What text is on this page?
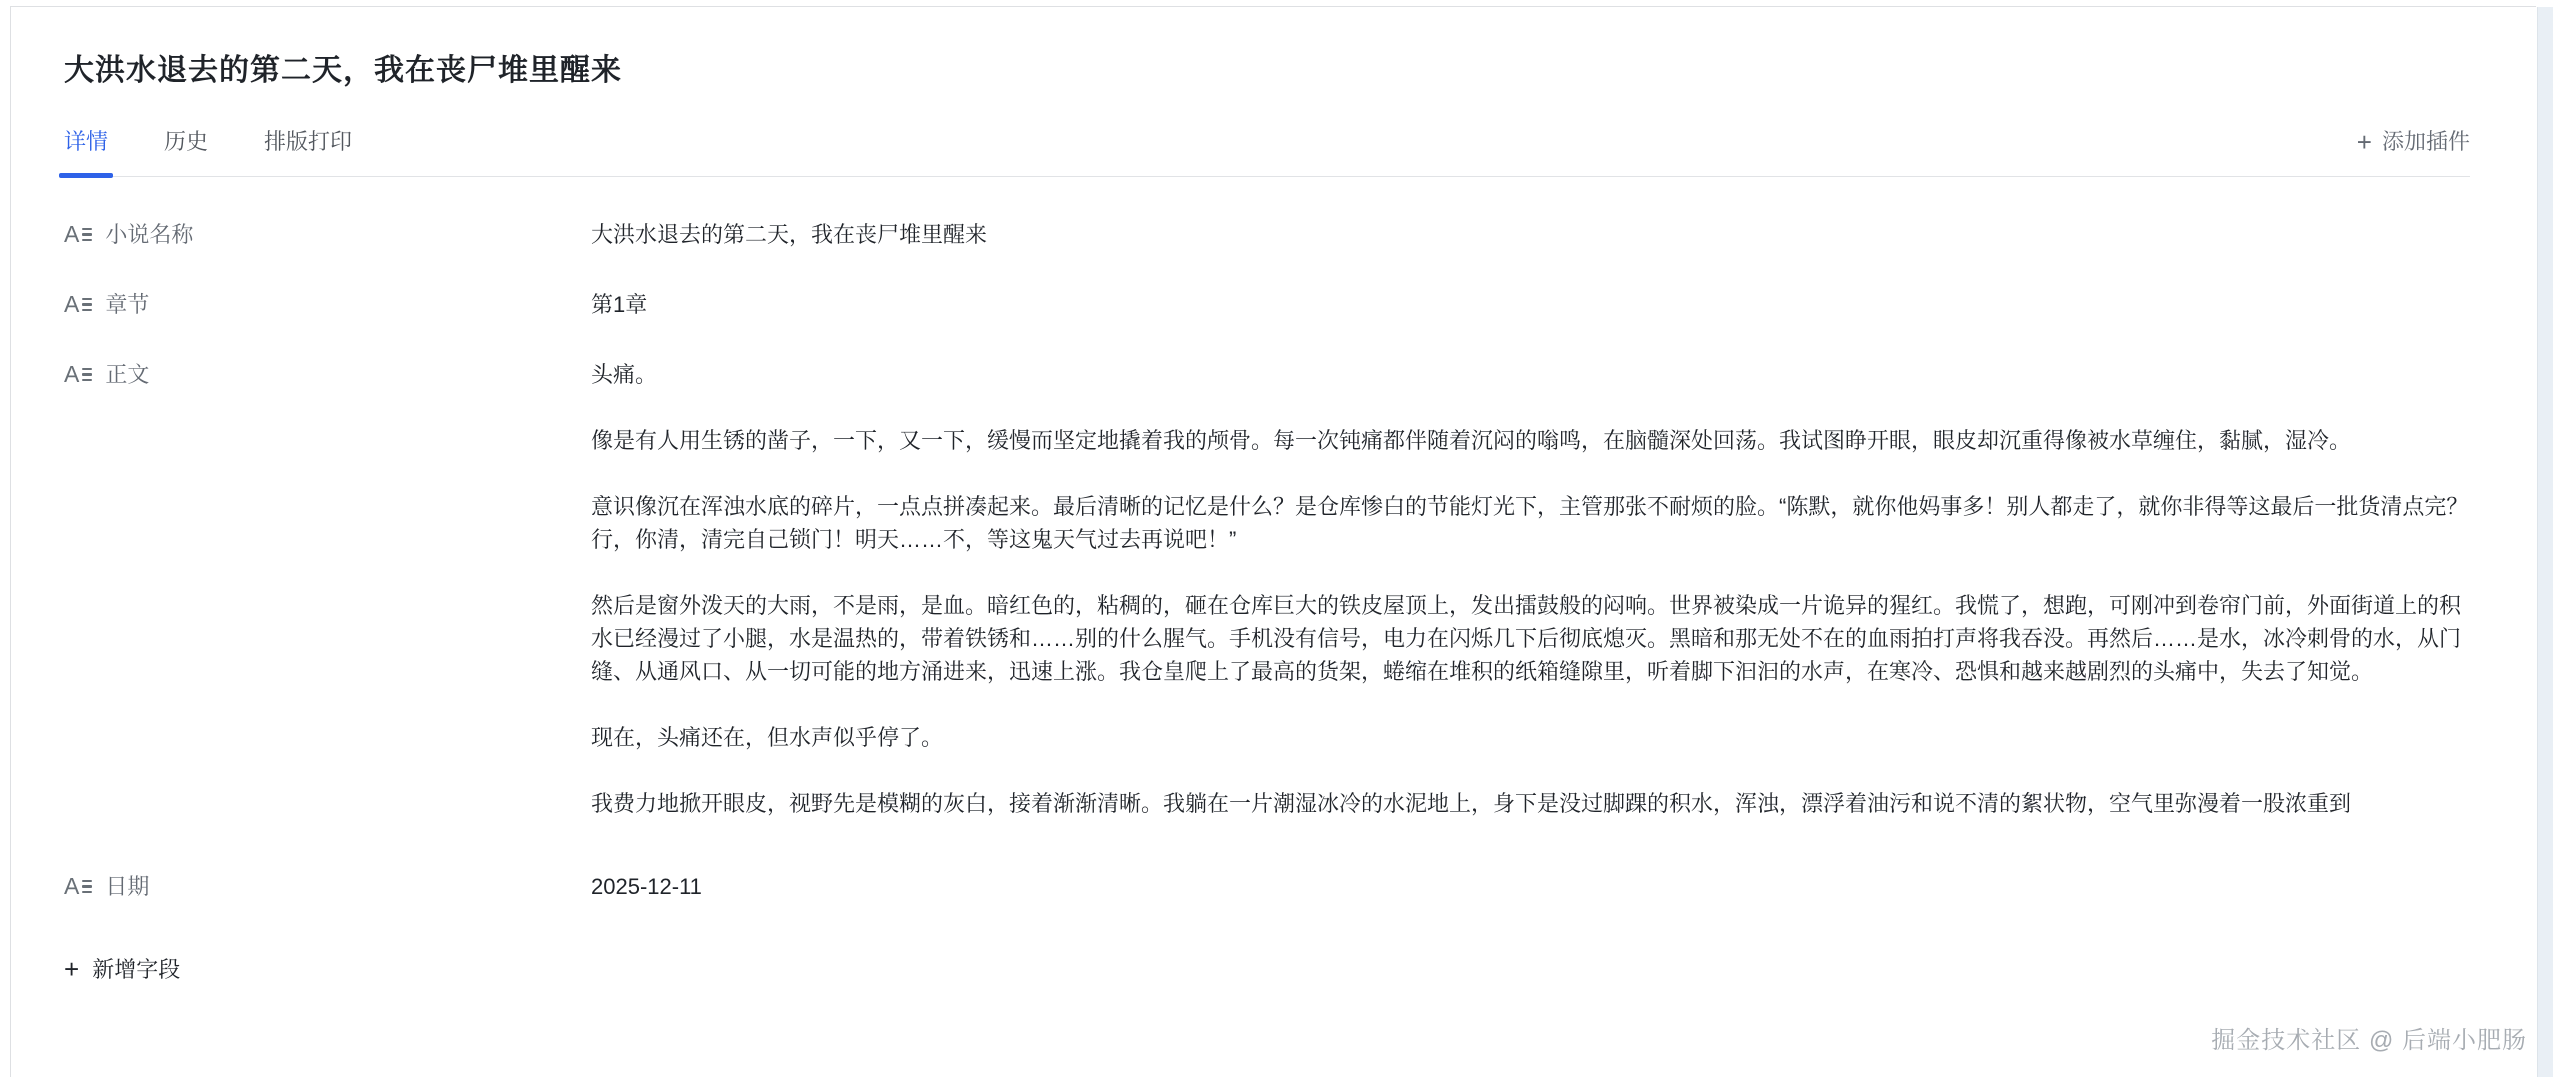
大洪水退去的第二天，我在丧尸堆里醒来
详情	历史	排版打印	+ 添加插件
A 小说名称	大洪水退去的第二天，我在丧尸堆里醒来
A 章节	第1章
A 正文	头痛。

像是有人用生锈的凿子，一下，又一下，缓慢而坚定地撬着我的颅骨。每一次钝痛都伴随着沉闷的嗡鸣，在脑髓深处回荡。我试图睁开眼，眼皮却沉重得像被水草缠住，黏腻，湿冷。

意识像沉在浑浊水底的碎片，一点点拼凑起来。最后清晰的记忆是什么？是仓库惨白的节能灯光下，主管那张不耐烦的脸。“陈默，就你他妈事多！别人都走了，就你非得等这最后一批货清点完？行，你清，清完自己锁门！明天……不，等这鬼天气过去再说吧！”

然后是窗外泼天的大雨，不是雨，是血。暗红色的，粘稠的，砸在仓库巨大的铁皮屋顶上，发出擂鼓般的闷响。世界被染成一片诡异的猩红。我慌了，想跑，可刚冲到卷帘门前，外面街道上的积水已经漫过了小腿，水是温热的，带着铁锈和……别的什么腥气。手机没有信号，电力在闪烁几下后彻底熄灭。黑暗和那无处不在的血雨拍打声将我吞没。再然后……是水，冰冷刺骨的水，从门缝、从通风口、从一切可能的地方涌进来，迅速上涨。我仓皇爬上了最高的货架，蜷缩在堆积的纸箱缝隙里，听着脚下汩汩的水声，在寒冷、恐惧和越来越剧烈的头痛中，失去了知觉。

现在，头痛还在，但水声似乎停了。

我费力地掀开眼皮，视野先是模糊的灰白，接着渐渐清晰。我躺在一片潮湿冰冷的水泥地上，身下是没过脚踝的积水，浑浊，漂浮着油污和说不清的絮状物，空气里弥漫着一股浓重到

A 日期	2025-12-11
+ 新增字段
掘金技术社区 @ 后端小肥肠
